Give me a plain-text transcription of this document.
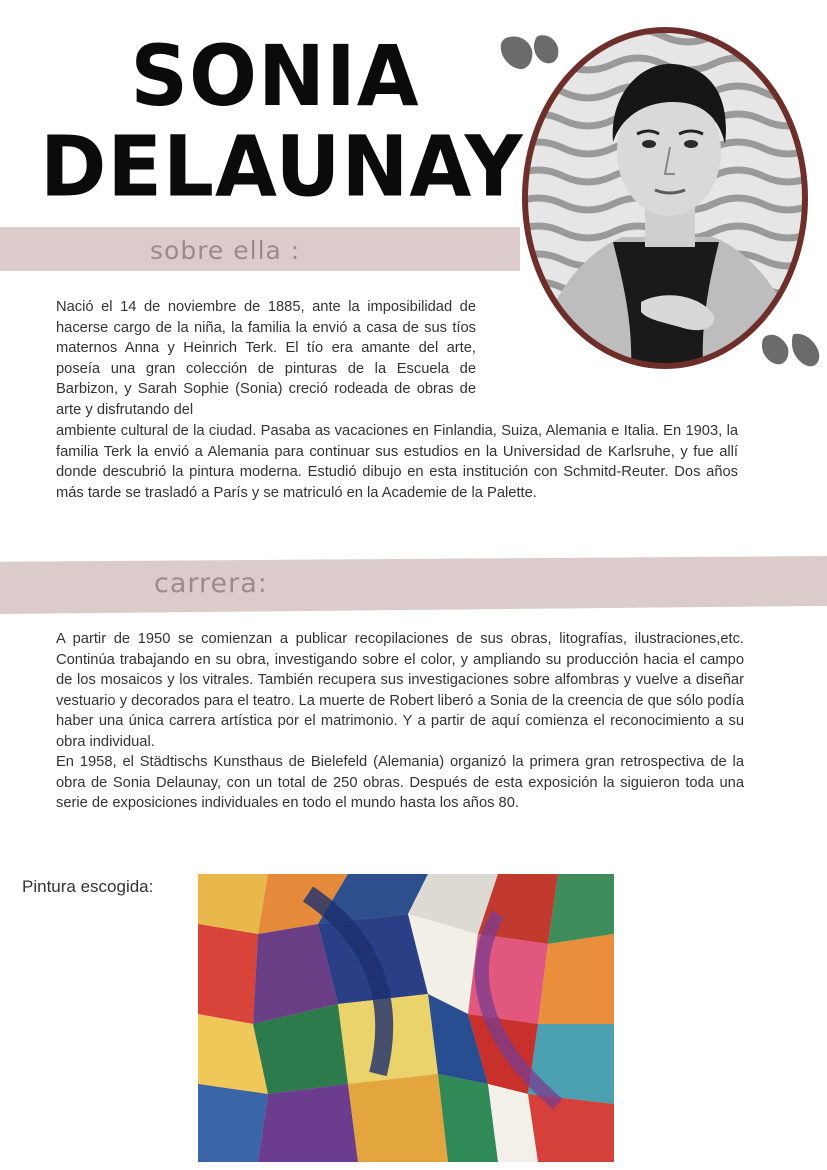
SONIA
DELAUNAY
sobre ella :
Nació el 14 de noviembre de 1885, ante la imposibilidad de hacerse cargo de la niña, la familia la envió a casa de sus tíos maternos Anna y Heinrich Terk. El tío era amante del arte, poseía una gran colección de pinturas de la Escuela de Barbizon, y Sarah Sophie (Sonia) creció rodeada de obras de arte y disfrutando del
ambiente cultural de la ciudad. Pasaba as vacaciones en Finlandia, Suiza, Alemania e Italia. En 1903, la familia Terk la envió a Alemania para continuar sus estudios en la Universidad de Karlsruhe, y fue allí donde descubrió la pintura moderna. Estudió dibujo en esta institución con Schmitd-Reuter. Dos años más tarde se trasladó a París y se matriculó en la Academie de la Palette.
carrera:

A partir de 1950 se comienzan a publicar recopilaciones de sus obras, litografías, ilustraciones,etc. Continúa trabajando en su obra, investigando sobre el color, y ampliando su producción hacia el campo de los mosaicos y los vitrales. También recupera sus investigaciones sobre alfombras y vuelve a diseñar vestuario y decorados para el teatro. La muerte de Robert liberó a Sonia de la creencia de que sólo podía haber una única carrera artística por el matrimonio. Y a partir de aquí comienza el reconocimiento a su obra individual.

En 1958, el Städtischs Kunsthaus de Bielefeld (Alemania) organizó la primera gran retrospectiva de la obra de Sonia Delaunay, con un total de 250 obras. Después de esta exposición la siguieron toda una serie de exposiciones individuales en todo el mundo hasta los años 80.

Pintura escogida:
